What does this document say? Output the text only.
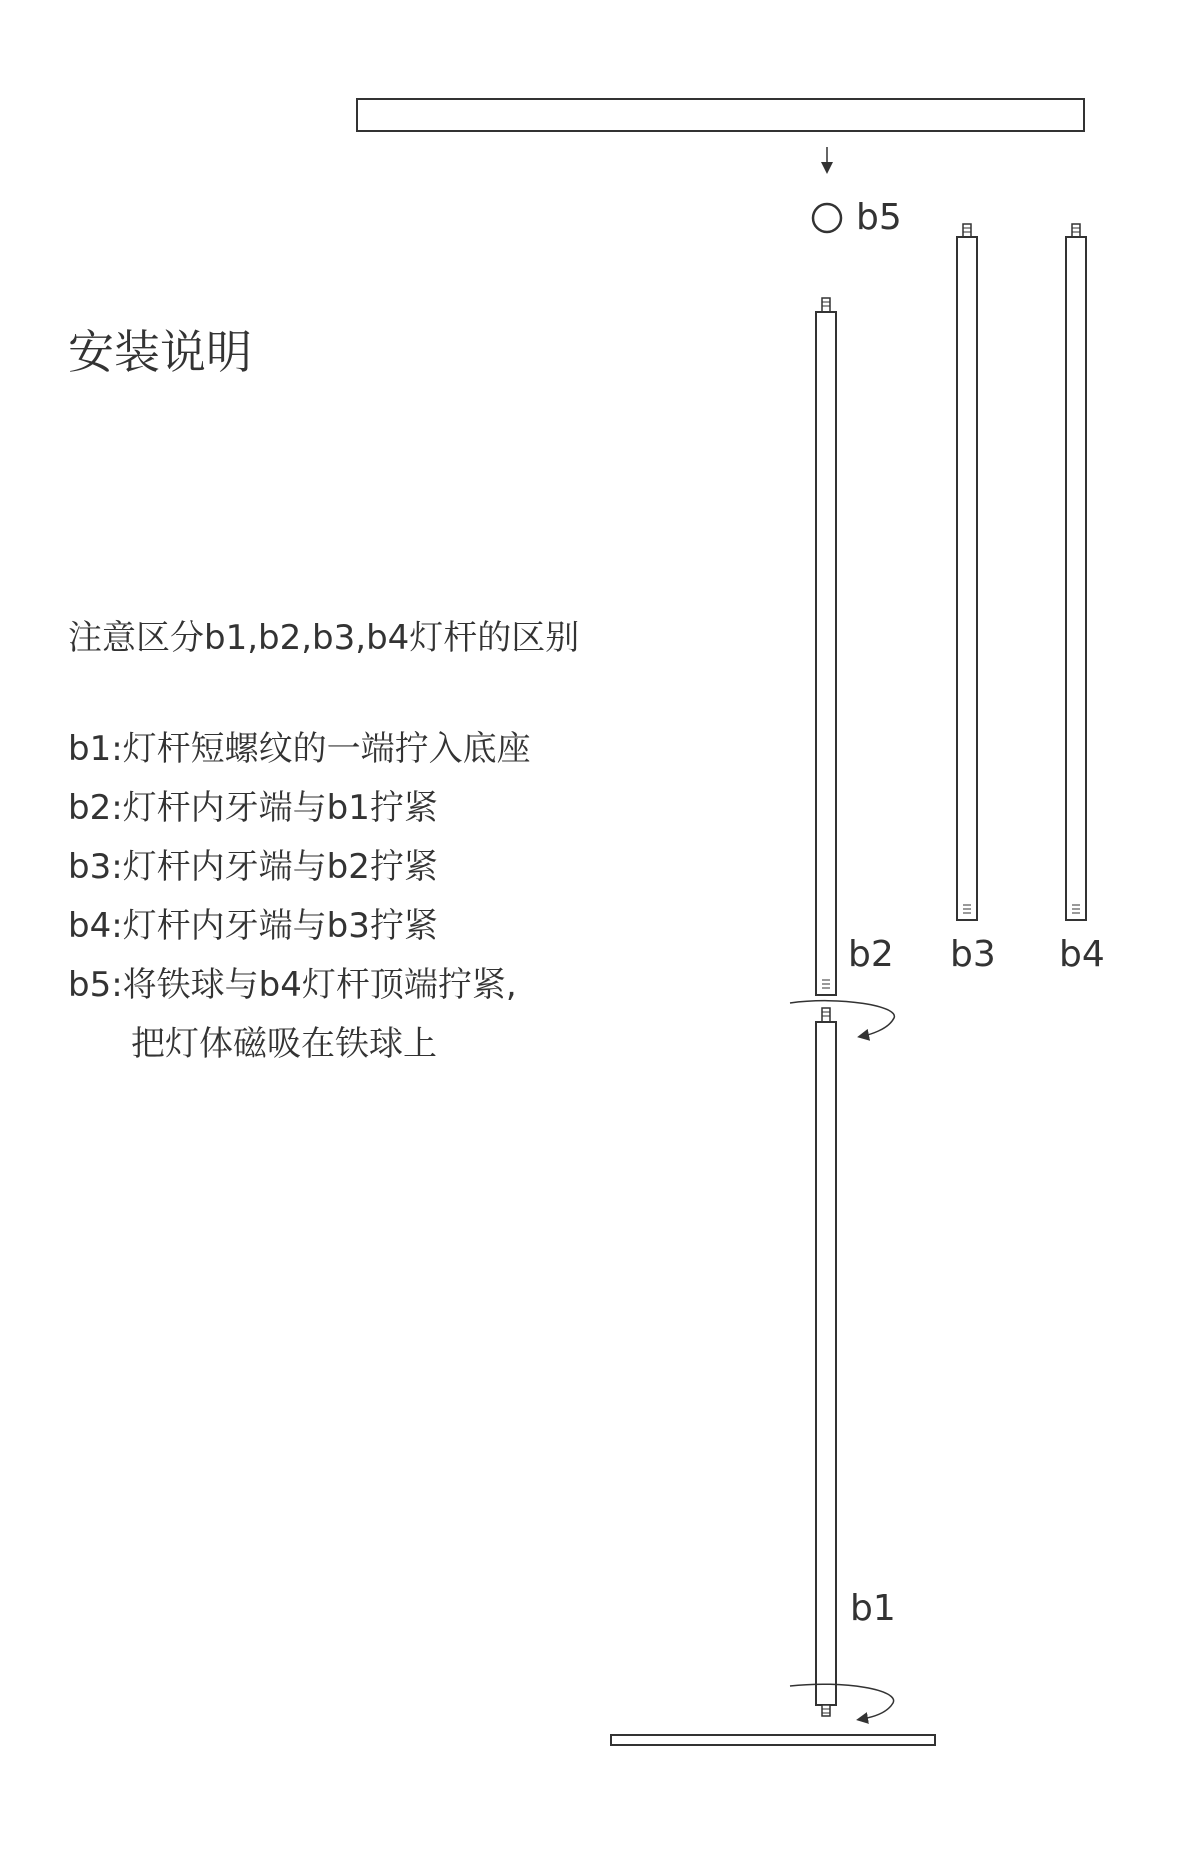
b5
b3 b4
b2
b1
安装说明
注意区分b1,b2,b3,b4灯杆的区别
b1:灯杆短螺纹的一端拧入底座
b2:灯杆内牙端与b1拧紧
b3:灯杆内牙端与b2拧紧
b4:灯杆内牙端与b3拧紧
b5:将铁球与b4灯杆顶端拧紧,
把灯体磁吸在铁球上
